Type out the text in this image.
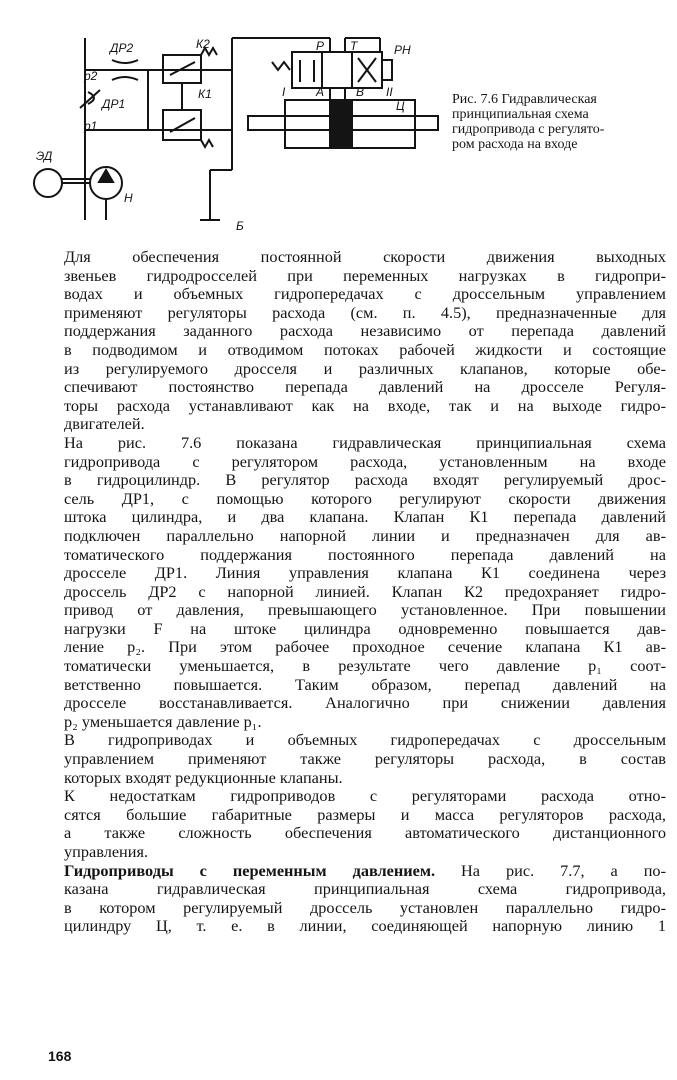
ДР2	К2
p2
ДР1
К1
p1
ЭД
Н
Б
Р Т	РН
I	А	В II
Ц	Рис. 7.6 Гидравлическая
принципиальная схема
гидропривода с регулято-
ром расхода на входе

Для обеспечения постоянной скорости движения выходных
звеньев гидродросселей при переменных нагрузках в гидропри-
водах и объемных гидропередачах с дроссельным управлением
применяют регуляторы расхода (см. п. 4.5), предназначенные для
поддержания заданного расхода независимо от перепада давлений
в подводимом и отводимом потоках рабочей жидкости и состоящие
из регулируемого дросселя и различных клапанов, которые обе-
спечивают постоянство перепада давлений на дросселе Регуля-
торы расхода устанавливают как на входе, так и на выходе гидро-
двигателей.

На рис. 7.6 показана гидравлическая принципиальная схема
гидропривода с регулятором расхода, установленным на входе
в гидроцилиндр. В регулятор расхода входят регулируемый дрос-
сель ДР1, с помощью которого регулируют скорости движения
штока цилиндра, и два клапана. Клапан К1 перепада давлений
подключен параллельно напорной линии и предназначен для ав-
томатического поддержания постоянного перепада давлений на
дросселе ДР1. Линия управления клапана К1 соединена через
дроссель ДР2 с напорной линией. Клапан К2 предохраняет гидро-
привод от давления, превышающего установленное. При повышении
нагрузки F на штоке цилиндра одновременно повышается дав-
ление p₂. При этом рабочее проходное сечение клапана К1 ав-
томатически уменьшается, в результате чего давление p₁ соот-
ветственно повышается. Таким образом, перепад давлений на
дросселе восстанавливается. Аналогично при снижении давления
p₂ уменьшается давление p₁.

В гидроприводах и объемных гидропередачах с дроссельным
управлением применяют также регуляторы расхода, в состав
которых входят редукционные клапаны.

К недостаткам гидроприводов с регуляторами расхода отно-
сятся большие габаритные размеры и масса регуляторов расхода,
а также сложность обеспечения автоматического дистанционного
управления.

Гидроприводы с переменным давлением. На рис. 7.7, а по-
казана гидравлическая принципиальная схема гидропривода,
в котором регулируемый дроссель установлен параллельно гидро-
цилиндру Ц, т. е. в линии, соединяющей напорную линию 1

168
